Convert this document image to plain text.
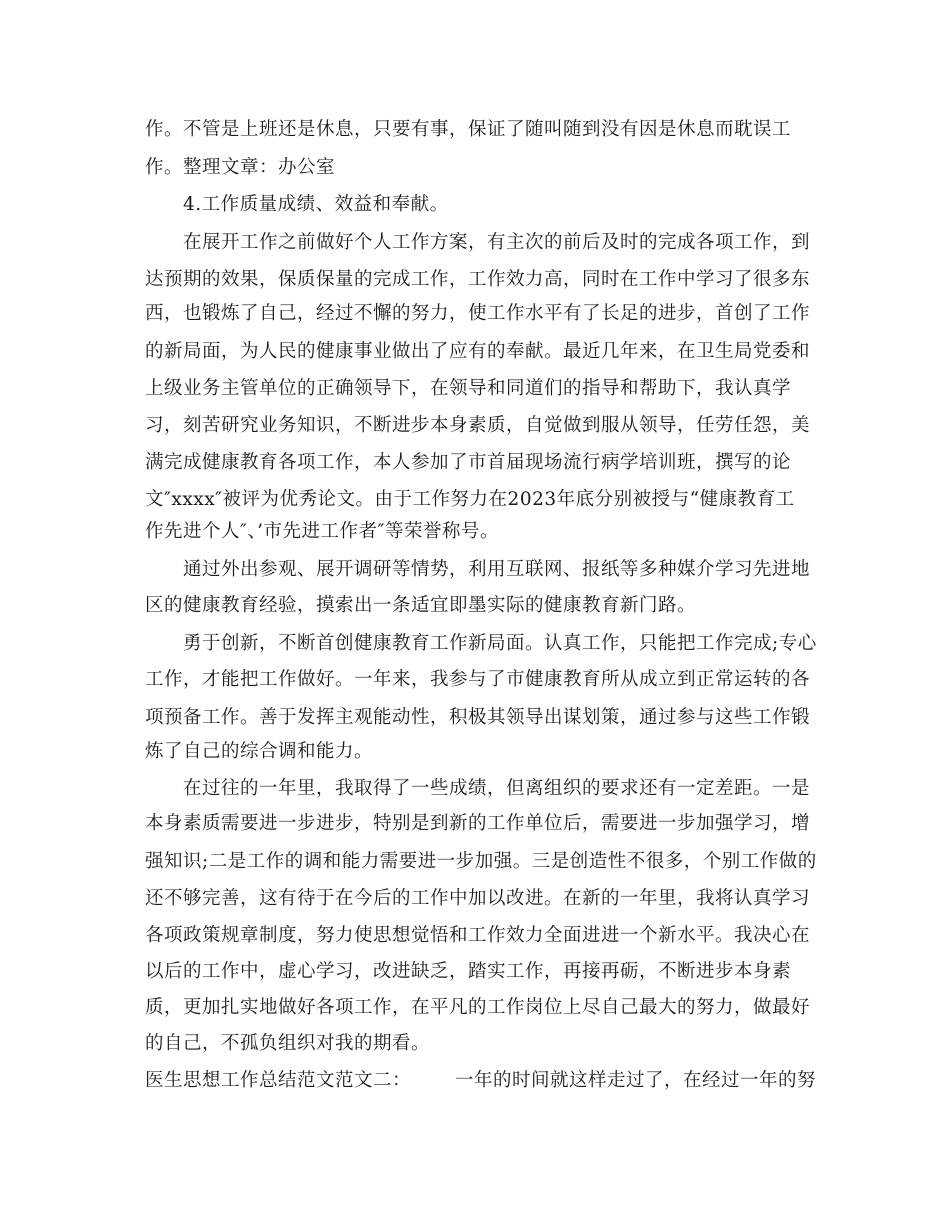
作。不管是上班还是休息，只要有事，保证了随叫随到没有因是休息而耽误工
作。整理文章：办公室
4.工作质量成绩、效益和奉献。
在展开工作之前做好个人工作方案，有主次的前后及时的完成各项工作，到
达预期的效果，保质保量的完成工作，工作效力高，同时在工作中学习了很多东
西，也锻炼了自己，经过不懈的努力，使工作水平有了长足的进步，首创了工作
的新局面，为人民的健康事业做出了应有的奉献。最近几年来，在卫生局党委和
上级业务主管单位的正确领导下，在领导和同道们的指导和帮助下，我认真学
习，刻苦研究业务知识，不断进步本身素质，自觉做到服从领导，任劳任怨，美
满完成健康教育各项工作，本人参加了市首届现场流行病学培训班，撰写的论
文″xxxx″被评为优秀论文。由于工作努力在2023年底分别被授与“健康教育工
作先进个人″、’市先进工作者″等荣誉称号。
通过外出参观、展开调研等情势，利用互联网、报纸等多种媒介学习先进地
区的健康教育经验，摸索出一条适宜即墨实际的健康教育新门路。
勇于创新，不断首创健康教育工作新局面。认真工作，只能把工作完成;专心
工作，才能把工作做好。一年来，我参与了市健康教育所从成立到正常运转的各
项预备工作。善于发挥主观能动性，积极其领导出谋划策，通过参与这些工作锻
炼了自己的综合调和能力。
在过往的一年里，我取得了一些成绩，但离组织的要求还有一定差距。一是
本身素质需要进一步进步，特别是到新的工作单位后，需要进一步加强学习，增
强知识;二是工作的调和能力需要进一步加强。三是创造性不很多，个别工作做的
还不够完善，这有待于在今后的工作中加以改进。在新的一年里，我将认真学习
各项政策规章制度，努力使思想觉悟和工作效力全面进进一个新水平。我决心在
以后的工作中，虚心学习，改进缺乏，踏实工作，再接再砺，不断进步本身素
质，更加扎实地做好各项工作，在平凡的工作岗位上尽自己最大的努力，做最好
的自己，不孤负组织对我的期看。
医生思想工作总结范文范文二： 一年的时间就这样走过了，在经过一年的努
